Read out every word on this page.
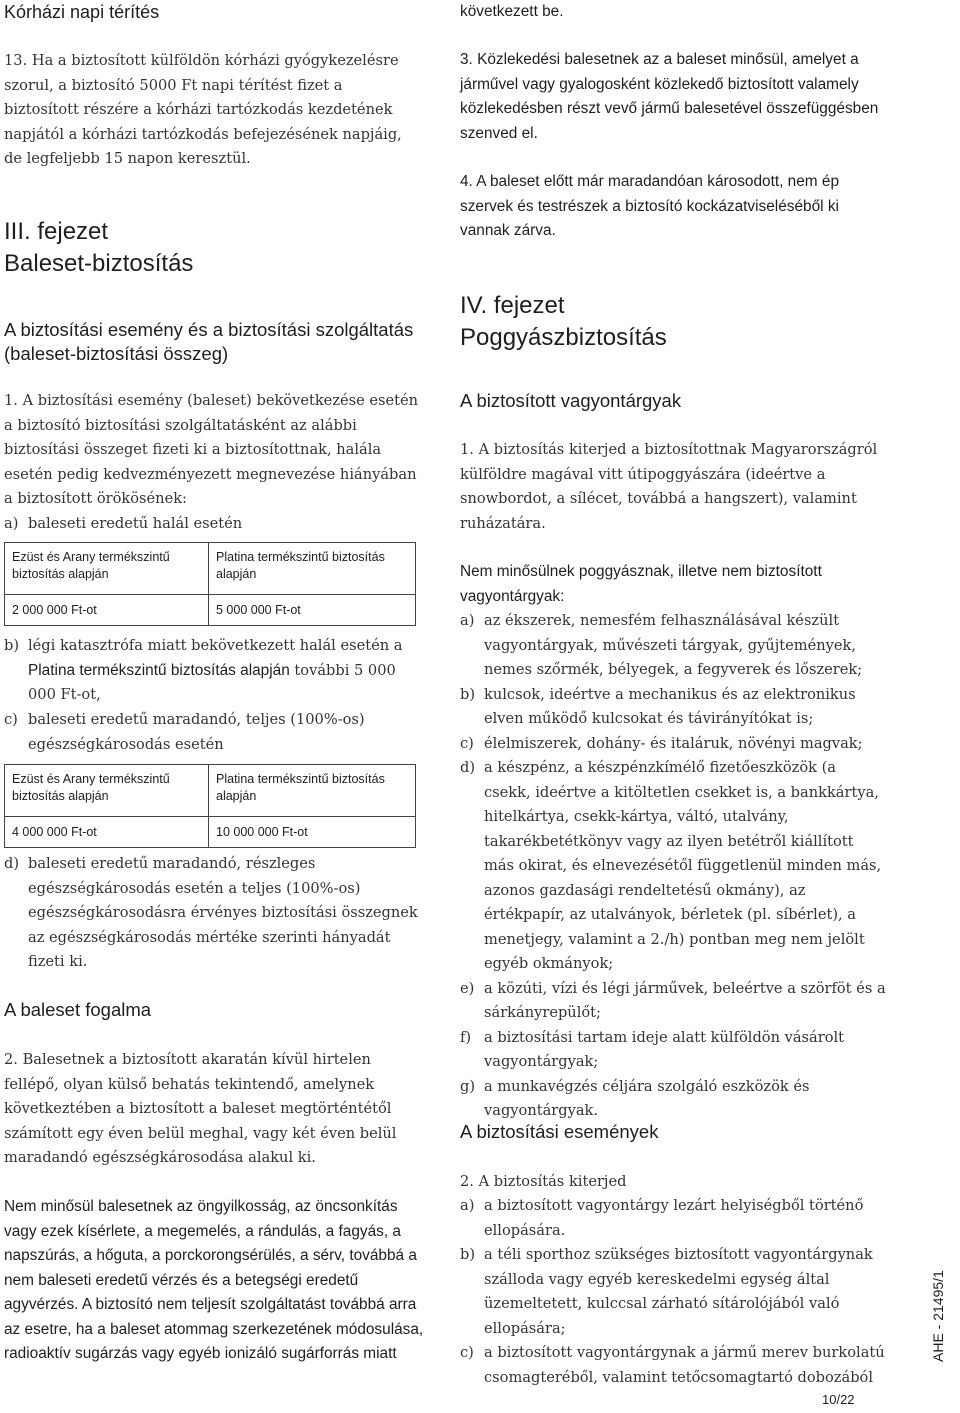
Kórházi napi térítés

13. Ha a biztosított külföldön kórházi gyógykezelésre szorul, a biztosító 5000 Ft napi térítést fizet a biztosított részére a kórházi tartózkodás kezdetének napjától a kórházi tartózkodás befejezésének napjáig, de legfeljebb 15 napon keresztül.

III. fejezet
Baleset-biztosítás
A biztosítási esemény és a biztosítási szolgáltatás (baleset-biztosítási összeg)

1. A biztosítási esemény (baleset) bekövetkezése esetén a biztosító biztosítási szolgáltatásként az alábbi biztosítási összeget fizeti ki a biztosítottnak, halála esetén pedig kedvezményezett megnevezése hiányában a biztosított örökösének:

a) baleseti eredetű halál esetén
Ezüst és Arany termékszintű biztosítás alapján	Platina termékszintű biztosítás alapján
2 000 000 Ft-ot	5 000 000 Ft-ot
b) légi katasztrófa miatt bekövetkezett halál esetén a Platina termékszintű biztosítás alapján további 5 000 000 Ft-ot,
c) baleseti eredetű maradandó, teljes (100%-os) egészségkárosodás esetén
Ezüst és Arany termékszintű biztosítás alapján	Platina termékszintű biztosítás alapján
4 000 000 Ft-ot	10 000 000 Ft-ot
d) baleseti eredetű maradandó, részleges egészségkárosodás esetén a teljes (100%-os) egészségkárosodásra érvényes biztosítási összegnek az egészségkárosodás mértéke szerinti hányadát fizeti ki.
A baleset fogalma

2. Balesetnek a biztosított akaratán kívül hirtelen fellépő, olyan külső behatás tekintendő, amelynek következtében a biztosított a baleset megtörténtétől számított egy éven belül meghal, vagy két éven belül maradandó egészségkárosodása alakul ki.

Nem minősül balesetnek az öngyilkosság, az öncsonkítás vagy ezek kísérlete, a megemelés, a rándulás, a fagyás, a napszúrás, a hőguta, a porckorongsérülés, a sérv, továbbá a nem baleseti eredetű vérzés és a betegségi eredetű agyvérzés. A biztosító nem teljesít szolgáltatást továbbá arra az esetre, ha a baleset atommag szerkezetének módosulása, radioaktív sugárzás vagy egyéb ionizáló sugárforrás miatt

következett be.

3. Közlekedési balesetnek az a baleset minősül, amelyet a járművel vagy gyalogosként közlekedő biztosított valamely közlekedésben részt vevő jármű balesetével összefüggésben szenved el.

4. A baleset előtt már maradandóan károsodott, nem ép szervek és testrészek a biztosító kockázatviseléséből ki vannak zárva.

IV. fejezet
Poggyászbiztosítás
A biztosított vagyontárgyak

1. A biztosítás kiterjed a biztosítottnak Magyarországról külföldre magával vitt útipoggyászára (ideértve a snowbordot, a sílécet, továbbá a hangszert), valamint ruházatára.

Nem minősülnek poggyásznak, illetve nem biztosított vagyontárgyak:

a) az ékszerek, nemesfém felhasználásával készült vagyontárgyak, művészeti tárgyak, gyűjtemények, nemes szőrmék, bélyegek, a fegyverek és lőszerek;
b) kulcsok, ideértve a mechanikus és az elektronikus elven működő kulcsokat és távirányítókat is;
c) élelmiszerek, dohány- és italáruk, növényi magvak;
d) a készpénz, a készpénzkímélő fizetőeszközök (a csekk, ideértve a kitöltetlen csekket is, a bankkártya, hitelkártya, csekk-kártya, váltó, utalvány, takarékbetétkönyv vagy az ilyen betétről kiállított más okirat, és elnevezésétől függetlenül minden más, azonos gazdasági rendeltetésű okmány), az értékpapír, az utalványok, bérletek (pl. síbérlet), a menetjegy, valamint a 2./h) pontban meg nem jelölt egyéb okmányok;
e) a közúti, vízi és légi járművek, beleértve a szörföt és a sárkányrepülőt;
f) a biztosítási tartam ideje alatt külföldön vásárolt vagyontárgyak;
g) a munkavégzés céljára szolgáló eszközök és vagyontárgyak.
A biztosítási események

2. A biztosítás kiterjed

a) a biztosított vagyontárgy lezárt helyiségből történő ellopására.
b) a téli sporthoz szükséges biztosított vagyontárgynak szálloda vagy egyéb kereskedelmi egység által üzemeltetett, kulccsal zárható sítárolójából való ellopására;
c) a biztosított vagyontárgynak a jármű merev burkolatú csomagteréből, valamint tetőcsomagtartó dobozából
AHE - 21495/1
10/22
